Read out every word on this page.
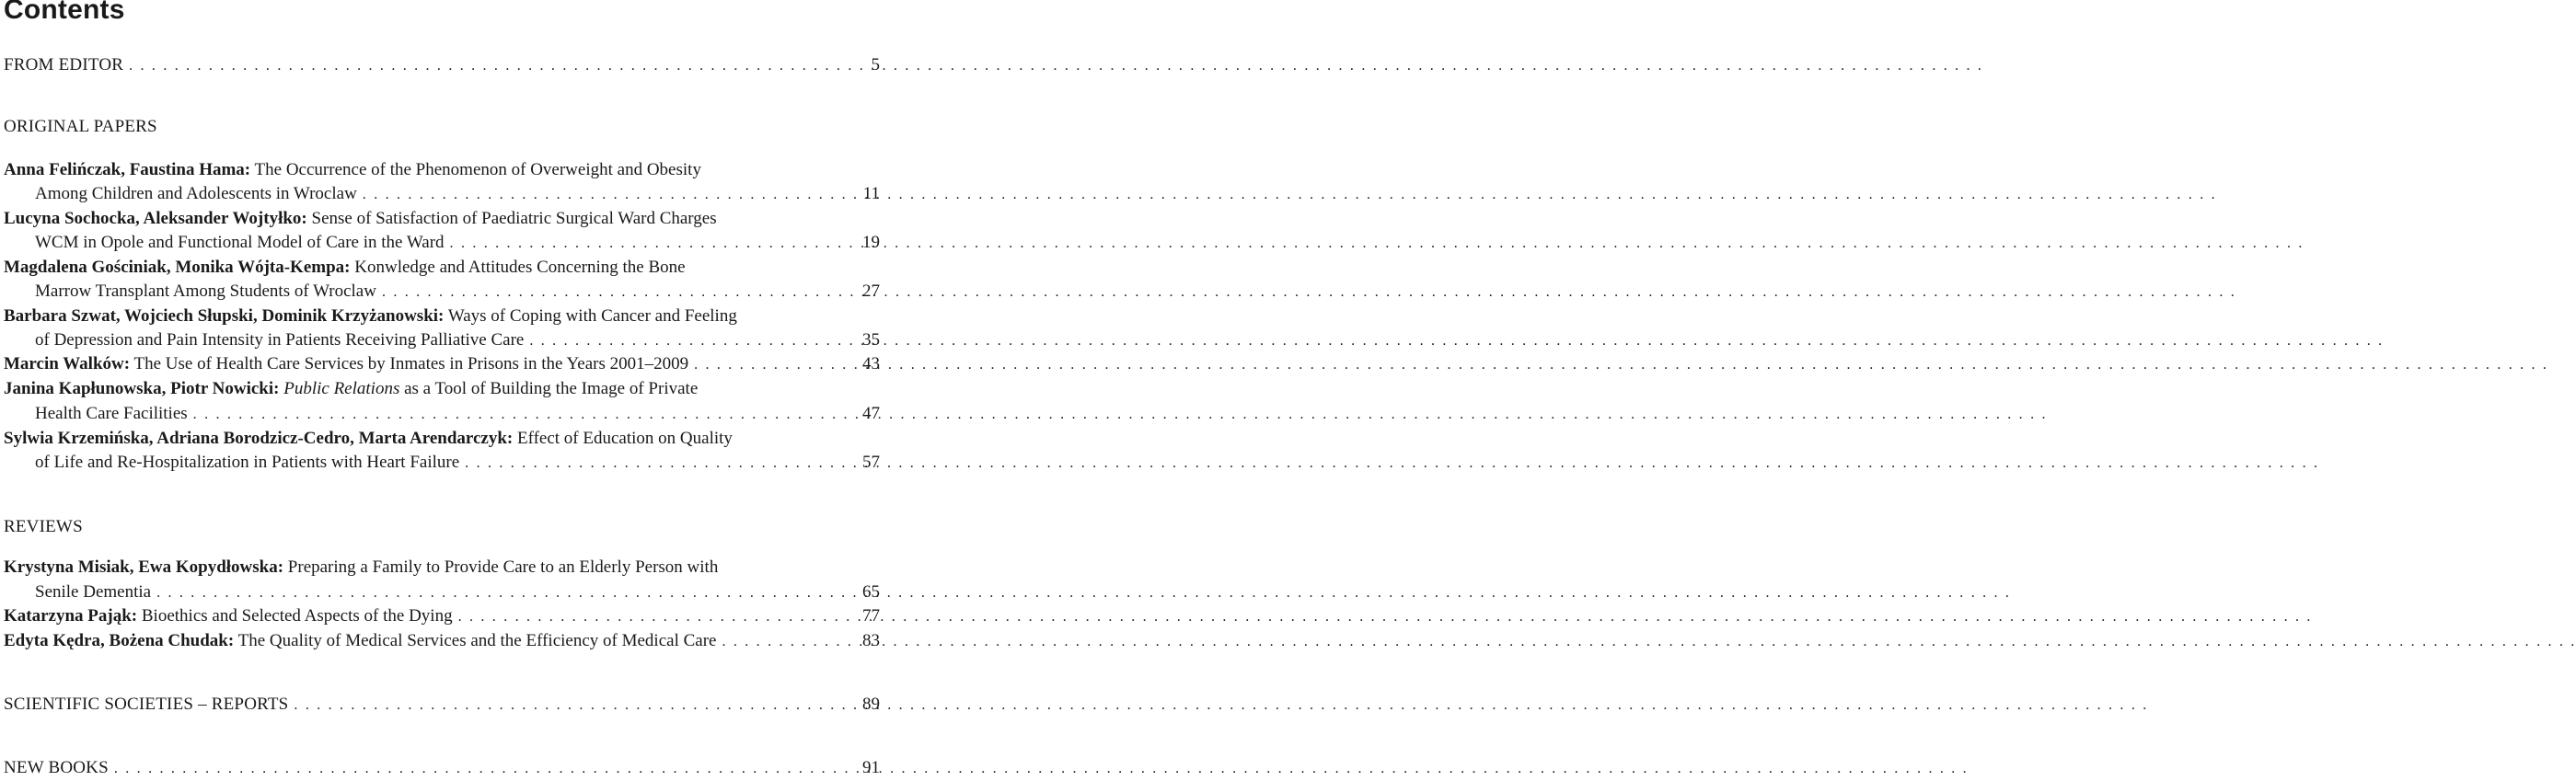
Contents
FROM EDITOR . . .	5
ORIGINAL PAPERS
Anna Felińczak, Faustina Hama: The Occurrence of the Phenomenon of Overweight and Obesity
Among Children and Adolescents in Wroclaw . . .	11
Lucyna Sochocka, Aleksander Wojtyłko: Sense of Satisfaction of Paediatric Surgical Ward Charges
WCM in Opole and Functional Model of Care in the Ward . . .	19
Magdalena Gościniak, Monika Wójta-Kempa: Konwledge and Attitudes Concerning the Bone
Marrow Transplant Among Students of Wroclaw . . .	27
Barbara Szwat, Wojciech Słupski, Dominik Krzyżanowski: Ways of Coping with Cancer and Feeling
of Depression and Pain Intensity in Patients Receiving Palliative Care . . .	35
Marcin Walków: The Use of Health Care Services by Inmates in Prisons in the Years 2001–2009 . . .	43
Janina Kapłunowska, Piotr Nowicki: Public Relations as a Tool of Building the Image of Private
Health Care Facilities . . .	47
Sylwia Krzemińska, Adriana Borodzicz-Cedro, Marta Arendarczyk: Effect of Education on Quality
of Life and Re-Hospitalization in Patients with Heart Failure . . .	57
REVIEWS
Krystyna Misiak, Ewa Kopydłowska: Preparing a Family to Provide Care to an Elderly Person with
Senile Dementia . . .	65
Katarzyna Pająk: Bioethics and Selected Aspects of the Dying . . .	77
Edyta Kędra, Bożena Chudak: The Quality of Medical Services and the Efficiency of Medical Care . . .	83
SCIENTIFIC SOCIETIES – REPORTS . . .	89
NEW BOOKS . . .	91
